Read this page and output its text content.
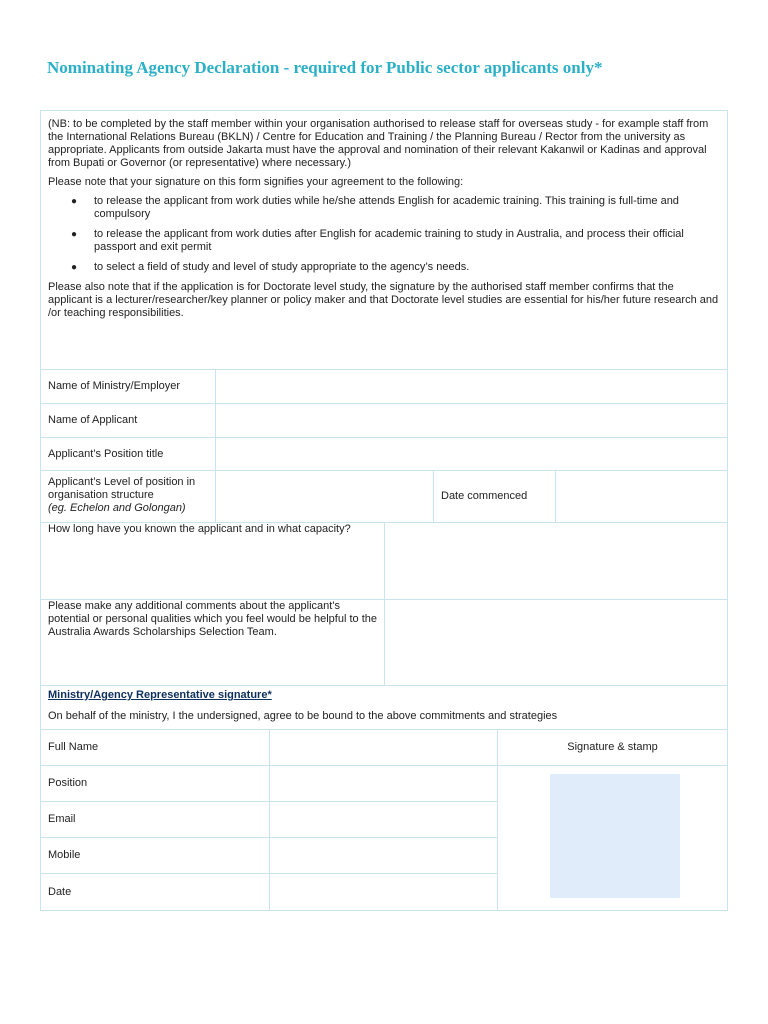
Nominating Agency Declaration - required for Public sector applicants only*

(NB: to be completed by the staff member within your organisation authorised to release staff for overseas study - for example staff from the International Relations Bureau (BKLN) / Centre for Education and Training / the Planning Bureau / Rector from the university as appropriate. Applicants from outside Jakarta must have the approval and nomination of their relevant Kakanwil or Kadinas and approval from Bupati or Governor (or representative) where necessary.)

Please note that your signature on this form signifies your agreement to the following:

● to release the applicant from work duties while he/she attends English for academic training. This training is full-time and compulsory
● to release the applicant from work duties after English for academic training to study in Australia, and process their official passport and exit permit
● to select a field of study and level of study appropriate to the agency’s needs.

Please also note that if the application is for Doctorate level study, the signature by the authorised staff member confirms that the applicant is a lecturer/researcher/key planner or policy maker and that Doctorate level studies are essential for his/her future research and /or teaching responsibilities.

Name of Ministry/Employer
Name of Applicant
Applicant’s Position title
Applicant’s Level of position in
organisation structure
(eg. Echelon and Golongan)
Date commenced
How long have you known the applicant and in what capacity?
Please make any additional comments about the applicant's potential or personal qualities which you feel would be helpful to the Australia Awards Scholarships Selection Team.
Ministry/Agency Representative signature*
On behalf of the ministry, I the undersigned, agree to be bound to the above commitments and strategies
Full Name	Signature & stamp
Position
Email
Mobile
Date
